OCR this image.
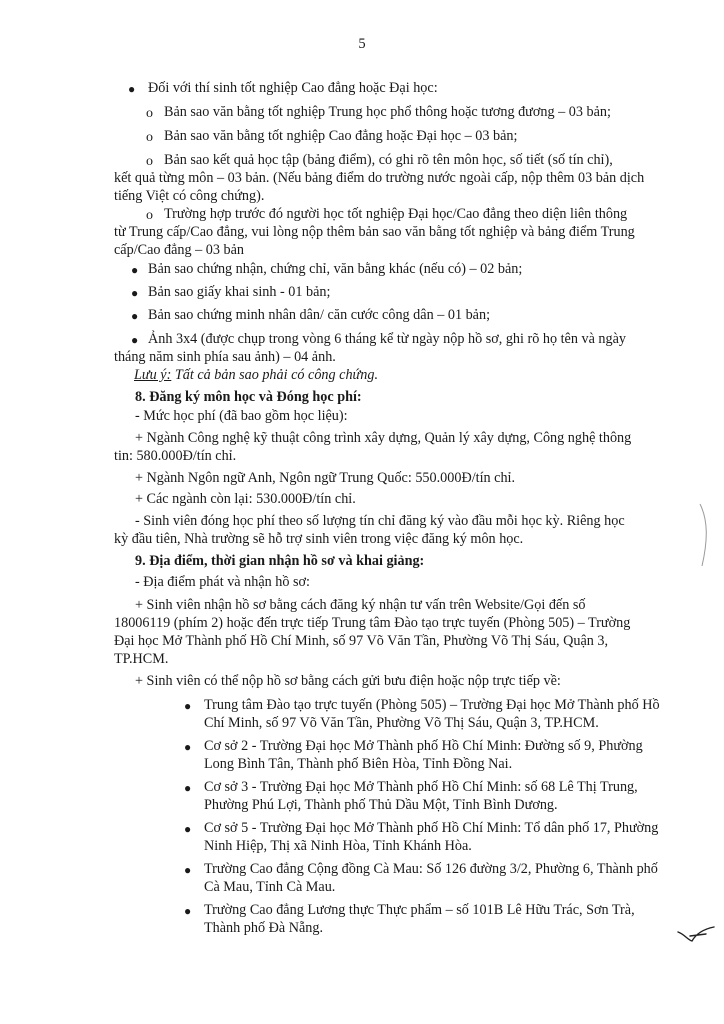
5
● Đối với thí sinh tốt nghiệp Cao đẳng hoặc Đại học:
o Bản sao văn bằng tốt nghiệp Trung học phổ thông hoặc tương đương – 03 bản;
o Bản sao văn bằng tốt nghiệp Cao đẳng hoặc Đại học – 03 bản;
o Bản sao kết quả học tập (bảng điểm), có ghi rõ tên môn học, số tiết (số tín chỉ),
kết quả từng môn – 03 bản. (Nếu bảng điểm do trường nước ngoài cấp, nộp thêm 03 bản dịch
tiếng Việt có công chứng).
o Trường hợp trước đó người học tốt nghiệp Đại học/Cao đẳng theo diện liên thông
từ Trung cấp/Cao đẳng, vui lòng nộp thêm bản sao văn bằng tốt nghiệp và bảng điểm Trung
cấp/Cao đẳng – 03 bản
● Bản sao chứng nhận, chứng chỉ, văn bằng khác (nếu có) – 02 bản;
● Bản sao giấy khai sinh - 01 bản;
● Bản sao chứng minh nhân dân/ căn cước công dân – 01 bản;
● Ảnh 3x4 (được chụp trong vòng 6 tháng kể từ ngày nộp hồ sơ, ghi rõ họ tên và ngày
tháng năm sinh phía sau ảnh) – 04 ảnh.
Lưu ý: Tất cả bản sao phải có công chứng.
8. Đăng ký môn học và Đóng học phí:
- Mức học phí (đã bao gồm học liệu):
+ Ngành Công nghệ kỹ thuật công trình xây dựng, Quản lý xây dựng, Công nghệ thông
tin: 580.000Đ/tín chỉ.
+ Ngành Ngôn ngữ Anh, Ngôn ngữ Trung Quốc: 550.000Đ/tín chỉ.
+ Các ngành còn lại: 530.000Đ/tín chỉ.
- Sinh viên đóng học phí theo số lượng tín chỉ đăng ký vào đầu mỗi học kỳ. Riêng học
kỳ đầu tiên, Nhà trường sẽ hỗ trợ sinh viên trong việc đăng ký môn học.
9. Địa điểm, thời gian nhận hồ sơ và khai giảng:
- Địa điểm phát và nhận hồ sơ:
+ Sinh viên nhận hồ sơ bằng cách đăng ký nhận tư vấn trên Website/Gọi đến số
18006119 (phím 2) hoặc đến trực tiếp Trung tâm Đào tạo trực tuyến (Phòng 505) – Trường
Đại học Mở Thành phố Hồ Chí Minh, số 97 Võ Văn Tần, Phường Võ Thị Sáu, Quận 3,
TP.HCM.
+ Sinh viên có thể nộp hồ sơ bằng cách gửi bưu điện hoặc nộp trực tiếp về:
● Trung tâm Đào tạo trực tuyến (Phòng 505) – Trường Đại học Mở Thành phố Hồ
Chí Minh, số 97 Võ Văn Tần, Phường Võ Thị Sáu, Quận 3, TP.HCM.
● Cơ sở 2 - Trường Đại học Mở Thành phố Hồ Chí Minh: Đường số 9, Phường
Long Bình Tân, Thành phố Biên Hòa, Tỉnh Đồng Nai.
● Cơ sở 3 - Trường Đại học Mở Thành phố Hồ Chí Minh: số 68 Lê Thị Trung,
Phường Phú Lợi, Thành phố Thủ Dầu Một, Tỉnh Bình Dương.
● Cơ sở 5 - Trường Đại học Mở Thành phố Hồ Chí Minh: Tổ dân phố 17, Phường
Ninh Hiệp, Thị xã Ninh Hòa, Tỉnh Khánh Hòa.
● Trường Cao đẳng Cộng đồng Cà Mau: Số 126 đường 3/2, Phường 6, Thành phố
Cà Mau, Tỉnh Cà Mau.
● Trường Cao đẳng Lương thực Thực phẩm – số 101B Lê Hữu Trác, Sơn Trà,
Thành phố Đà Nẵng.
